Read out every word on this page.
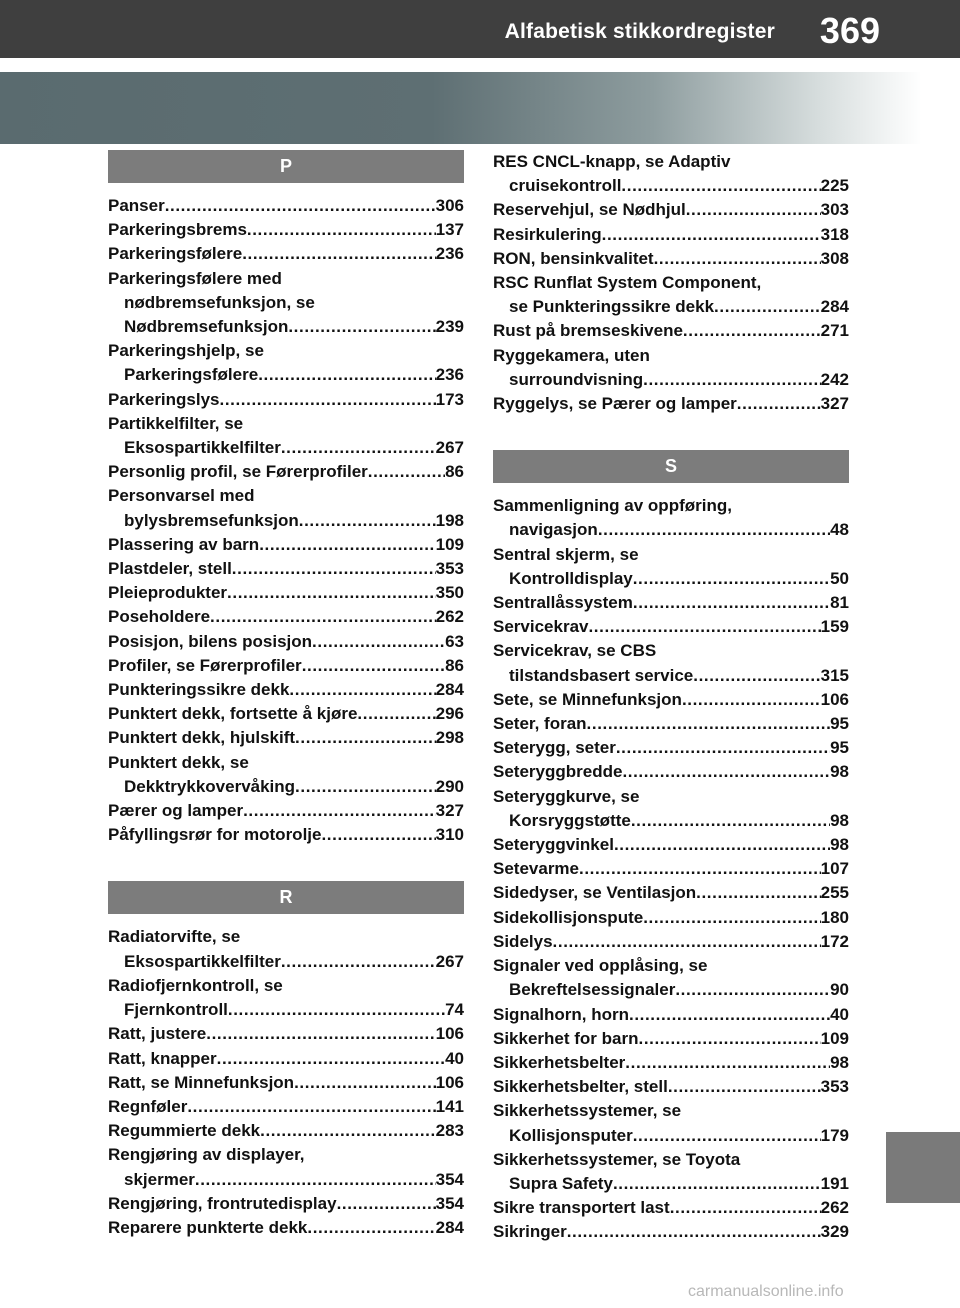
Alfabetisk stikkordregister 369
P
Panser .....	306
Parkeringsbrems .....	137
Parkeringsfølere .....	236
Parkeringsfølere med
nødbremsefunksjon, se
Nødbremsefunksjon .....	239
Parkeringshjelp, se
Parkeringsfølere .....	236
Parkeringslys .....	173
Partikkelfilter, se
Eksospartikkelfilter .....	267
Personlig profil, se Førerprofiler .....	86
Personvarsel med
bylysbremsefunksjon .....	198
Plassering av barn .....	109
Plastdeler, stell .....	353
Pleieprodukter .....	350
Poseholdere .....	262
Posisjon, bilens posisjon .....	63
Profiler, se Førerprofiler .....	86
Punkteringssikre dekk .....	284
Punktert dekk, fortsette å kjøre .....	296
Punktert dekk, hjulskift .....	298
Punktert dekk, se
Dekktrykkovervåking .....	290
Pærer og lamper .....	327
Påfyllingsrør for motorolje .....	310
R
Radiatorvifte, se
Eksospartikkelfilter .....	267
Radiofjernkontroll, se
Fjernkontroll .....	74
Ratt, justere .....	106
Ratt, knapper .....	40
Ratt, se Minnefunksjon .....	106
Regnføler .....	141
Regummierte dekk .....	283
Rengjøring av displayer,
skjermer .....	354
Rengjøring, frontrutedisplay .....	354
Reparere punkterte dekk .....	284
RES CNCL-knapp, se Adaptiv
cruisekontroll .....	225
Reservehjul, se Nødhjul .....	303
Resirkulering .....	318
RON, bensinkvalitet .....	308
RSC Runflat System Component,
se Punkteringssikre dekk .....	284
Rust på bremseskivene .....	271
Ryggekamera, uten
surroundvisning .....	242
Ryggelys, se Pærer og lamper .....	327
S
Sammenligning av oppføring,
navigasjon .....	48
Sentral skjerm, se
Kontrolldisplay .....	50
Sentrallåssystem .....	81
Servicekrav .....	159
Servicekrav, se CBS
tilstandsbasert service .....	315
Sete, se Minnefunksjon .....	106
Seter, foran .....	95
Seterygg, seter .....	95
Seteryggbredde .....	98
Seteryggkurve, se
Korsryggstøtte .....	98
Seteryggvinkel .....	98
Setevarme .....	107
Sidedyser, se Ventilasjon .....	255
Sidekollisjonspute .....	180
Sidelys .....	172
Signaler ved opplåsing, se
Bekreftelsessignaler .....	90
Signalhorn, horn .....	40
Sikkerhet for barn .....	109
Sikkerhetsbelter .....	98
Sikkerhetsbelter, stell .....	353
Sikkerhetssystemer, se
Kollisjonsputer .....	179
Sikkerhetssystemer, se Toyota
Supra Safety .....	191
Sikre transportert last .....	262
Sikringer .....	329
carmanualsonline.info
